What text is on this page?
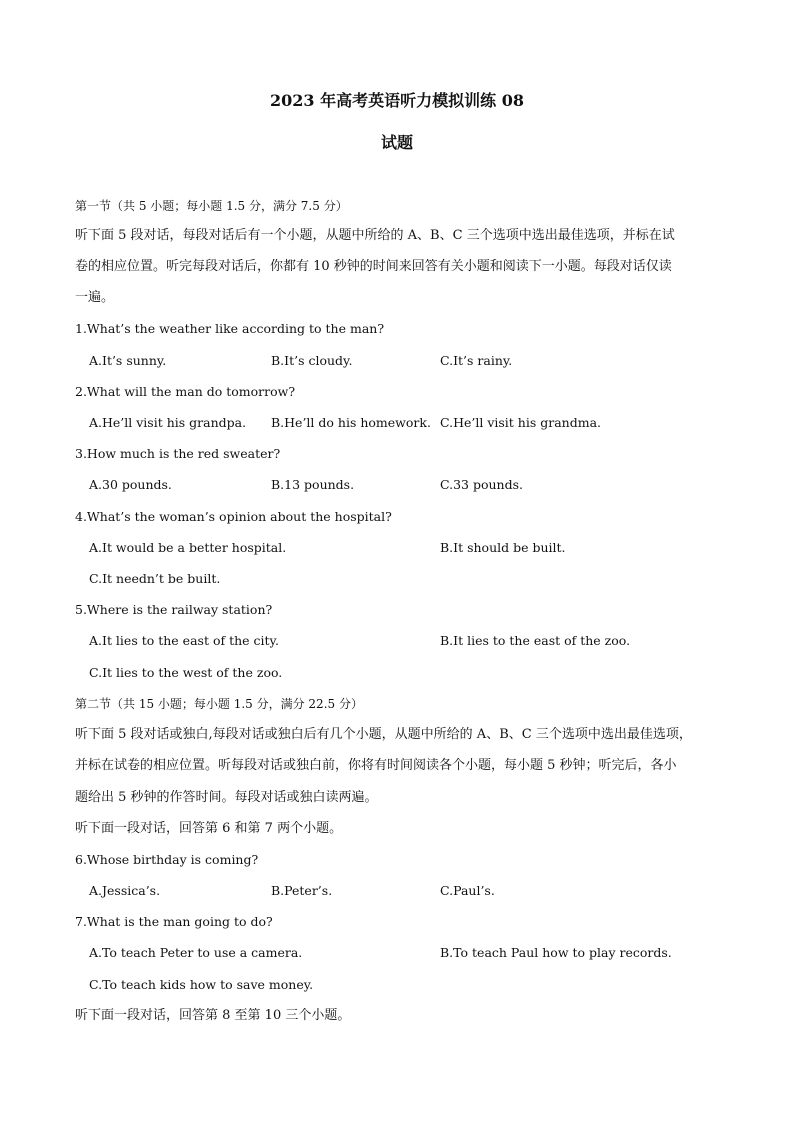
2023 年高考英语听力模拟训练 08
试题
第一节（共 5 小题；每小题 1.5 分，满分 7.5 分）
听下面 5 段对话，每段对话后有一个小题，从题中所给的 A、B、C 三个选项中选出最佳选项，并标在试
卷的相应位置。听完每段对话后，你都有 10 秒钟的时间来回答有关小题和阅读下一小题。每段对话仅读
一遍。
1.What’s the weather like according to the man?
A.It’s sunny.	B.It’s cloudy.	C.It’s rainy.
2.What will the man do tomorrow?
A.He’ll visit his grandpa. B.He’ll do his homework. C.He’ll visit his grandma.
3.How much is the red sweater?
A.30 pounds.	B.13 pounds.	C.33 pounds.
4.What’s the woman’s opinion about the hospital?
A.It would be a better hospital.	B.It should be built.
C.It needn’t be built.
5.Where is the railway station?
A.It lies to the east of the city.	B.It lies to the east of the zoo.
C.It lies to the west of the zoo.
第二节（共 15 小题；每小题 1.5 分，满分 22.5 分）
听下面 5 段对话或独白,每段对话或独白后有几个小题，从题中所给的 A、B、C 三个选项中选出最佳选项，
并标在试卷的相应位置。听每段对话或独白前，你将有时间阅读各个小题，每小题 5 秒钟；听完后，各小
题给出 5 秒钟的作答时间。每段对话或独白读两遍。
听下面一段对话，回答第 6 和第 7 两个小题。
6.Whose birthday is coming?
A.Jessica’s.	B.Peter’s.	C.Paul’s.
7.What is the man going to do?
A.To teach Peter to use a camera.	B.To teach Paul how to play records.
C.To teach kids how to save money.
听下面一段对话，回答第 8 至第 10 三个小题。
